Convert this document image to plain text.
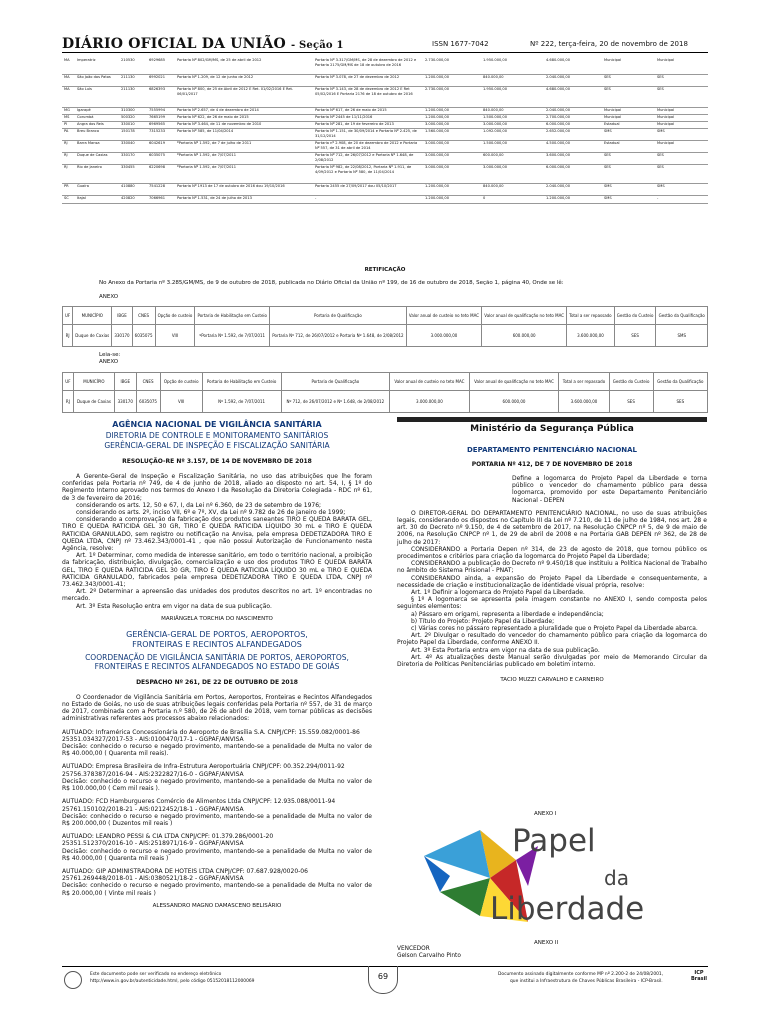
DIÁRIO OFICIAL DA UNIÃO - Seção 1	ISSN 1677-7042	Nº 222, terça-feira, 20 de novembro de 2018
MA	Imperatriz	210530	6929685	Portaria Nº 802/GM/MS, de 25 de abril de 2012	Portaria Nº 3.317/GM/MS, de 28 de dezembro de 2012 e Portaria 2175/GM/MS de 18 de outubro de 2016	2.730.000,00	1.950.000,00	4.680.000,00	Municipal	Municipal
MA	São João dos Patos	211130	6992021	Portaria Nº 1.209, de 12 de junho de 2012	Portaria Nº 3.078, de 27 de dezembro de 2012	1.200.000,00	840.000,00	2.040.000,00	SES	SES
MA	São Luís	211130	6826393	Portaria Nº 800, de 25 de Abril de 2012 E Ret. 01/02/2016 E Ret. 06/01/2017	Portaria Nº 3.143, de 28 de dezembro de 2012 E Ret 05/02/2016 E Portaria 2176 de 18 de outubro de 2016	2.730.000,00	1.950.000,00	4.680.000,00	SES	SES
MG	Igarapé	310300	7555994	Portaria Nº 2.657, de 4 de dezembro de 2014	Portaria Nº 617, de 26 de maio de 2015	1.200.000,00	840.000,00	2.040.000,00	Municipal	Municipal
MS	Corumbá	500320	7665199	Portaria Nº 622, de 26 de maio de 2015	Portaria Nº 2445 de 11/11/2016	1.200.000,00	1.500.000,00	2.700.000,00	Municipal	Municipal
PI	Angra dos Reis	330010	6969565	Portaria Nº 3.464, de 11 de novembro de 2010	Portaria Nº 281, de 19 de fevereiro de 2013	3.000.000,00	3.000.000,00	6.000.000,00	Estadual	Municipal
PA	Breu Branco	150178	7315233	Portaria Nº 585, de 11/04/2014	Portaria Nº 1.151, de 30/09/2014 e Portaria Nº 2.425, de 31/12/2014	1.560.000,00	1.092.000,00	2.652.000,00	SMS	SMS
RJ	Barra Mansa	330040	6042619	ºPortaria Nº 1.592, de 7 de julho de 2011	Portaria nº 2.908, de 20 de dezembro de 2012 e Portaria Nº 557, de 31 de abril de 2014	3.000.000,00	1.500.000,00	4.500.000,00	Estadual	Municipal
RJ	Duque de Caxias	330170	6035075	ºPortaria Nº 1.592, de 7/07/2011	Portaria Nº 712, de 26/07/2012 e Portaria Nº 1.648, de 2/08/2012	3.000.000,00	600.000,00	3.600.000,00	SES	SES
RJ	Rio de Janeiro	330455	6220698	ºPortaria Nº 1.592, de 7/07/2011	Portaria Nº 982, de 22/08/2012, Portaria Nº 1.911, de 4/09/2012 e Portaria Nº 580, de 11/04/2014	3.000.000,00	3.000.000,00	6.000.000,00	SES	SES
PR	Guaíra	410880	7541228	Portaria Nº 1913 de 17 de outubro de 2016 dou 19/10/2016	Portaria 2455 de 27/09/2017 dou 05/10/2017	1.200.000,00	840.000,00	2.040.000,00	SMS	SMS
SC	Itajaí	420820	7066961	Portaria Nº 1.531, de 24 de julho de 2013	-	1.200.000,00	0	1.200.000,00	SMS	-
RETIFICAÇÃO
No Anexo da Portaria nº 3.285/GM/MS, de 9 de outubro de 2018, publicada no Diário Oficial da União nº 199, de 16 de outubro de 2018, Seção 1, página 40, Onde se lê:
ANEXO
UF	MUNICÍPIO	IBGE	CNES	Opção de custeio	Portaria de Habilitação em Custeio	Portaria de Qualificação	Valor anual de custeio no teto MAC	Valor anual de qualificação no teto MAC	Total a ser repassado	Gestão do Custeio	Gestão da Qualificação
RJ	Duque de Caxias	330170	6035075	VIII	ºPortaria Nº 1.592, de 7/07/2011	Portaria Nº 712, de 26/07/2012 e Portaria Nº 1.648, de 2/08/2012	3.000.000,00	600.000,00	3.600.000,00	SES	SMS
Leia-se:
ANEXO
UF	MUNICÍPIO	IBGE	CNES	Opção de custeio	Portaria de Habilitação em Custeio	Portaria de Qualificação	Valor anual de custeio no teto MAC	Valor anual de qualificação no teto MAC	Total a ser repassado	Gestão do Custeio	Gestão da Qualificação
RJ	Duque de Caxias	330170	6035075	VIII	Nº 1.592, de 7/07/2011	Nº 712, de 26/07/2012 e Nº 1.648, de 2/08/2012	3.000.000,00	600.000,00	3.600.000,00	SES	SES
AGÊNCIA NACIONAL DE VIGILÂNCIA SANITÁRIA
DIRETORIA DE CONTROLE E MONITORAMENTO SANITÁRIOS
GERÊNCIA-GERAL DE INSPEÇÃO E FISCALIZAÇÃO SANITÁRIA
RESOLUÇÃO-RE Nº 3.157, DE 14 DE NOVEMBRO DE 2018
A Gerente-Geral de Inspeção e Fiscalização Sanitária, no uso das atribuições que lhe foram conferidas pela Portaria nº 749, de 4 de junho de 2018, aliado ao disposto no art. 54, I, § 1º do Regimento Interno aprovado nos termos do Anexo I da Resolução da Diretoria Colegiada - RDC nº 61, de 3 de fevereiro de 2016;
considerando os arts. 12, 50 e 67, I, da Lei nº 6.360, de 23 de setembro de 1976;
considerando os arts. 2º, inciso VII, 6º e 7º, XV, da Lei nº 9.782 de 26 de janeiro de 1999;
considerando a comprovação da fabricação dos produtos saneantes TIRO E QUEDA BARATA GEL, TIRO E QUEDA RATICIDA GEL 30 GR, TIRO E QUEDA RATICIDA LÍQUIDO 30 mL e TIRO E QUEDA RATICIDA GRANULADO, sem registro ou notificação na Anvisa, pela empresa DEDETIZADORA TIRO E QUEDA LTDA, CNPJ nº 73.462.343/0001-41 , que não possui Autorização de Funcionamento nesta Agência, resolve:
Art. 1º Determinar, como medida de interesse sanitário, em todo o território nacional, a proibição da fabricação, distribuição, divulgação, comercialização e uso dos produtos TIRO E QUEDA BARATA GEL, TIRO E QUEDA RATICIDA GEL 30 GR, TIRO E QUEDA RATICIDA LÍQUIDO 30 mL e TIRO E QUEDA RATICIDA GRANULADO, fabricados pela empresa DEDETIZADORA TIRO E QUEDA LTDA, CNPJ nº 73.462.343/0001-41;
Art. 2º Determinar a apreensão das unidades dos produtos descritos no art. 1º encontradas no mercado.
Art. 3º Esta Resolução entra em vigor na data de sua publicação.
MARIÂNGELA TORCHIA DO NASCIMENTO
GERÊNCIA-GERAL DE PORTOS, AEROPORTOS, FRONTEIRAS E RECINTOS ALFANDEGADOS
COORDENAÇÃO DE VIGILÂNCIA SANITÁRIA DE PORTOS, AEROPORTOS, FRONTEIRAS E RECINTOS ALFANDEGADOS NO ESTADO DE GOIÁS
DESPACHO Nº 261, DE 22 DE OUTUBRO DE 2018
O Coordenador de Vigilância Sanitária em Portos, Aeroportos, Fronteiras e Recintos Alfandegados no Estado de Goiás, no uso de suas atribuições legais conferidas pela Portaria nº 557, de 31 de março de 2017, combinada com a Portaria n.º 580, de 26 de abril de 2018, vem tornar públicas as decisões administrativas referentes aos processos abaixo relacionados:
AUTUADO: Inframérica Concessionária do Aeroporto de Brasília S.A. CNPJ/CPF: 15.559.082/0001-86
25351.034327/2017-53 - AIS:0100470/17-1 - GGPAF/ANVISA
Decisão: conhecido o recurso e negado provimento, mantendo-se a penalidade de Multa no valor de R$ 40.000,00 ( Quarenta mil reais).
AUTUADO: Empresa Brasileira de Infra-Estrutura Aeroportuária CNPJ/CPF: 00.352.294/0011-92
25756.378387/2016-94 - AIS:2322827/16-0 - GGPAF/ANVISA
Decisão: conhecido o recurso e negado provimento, mantendo-se a penalidade de Multa no valor de R$ 100.000,00 ( Cem mil reais ).
AUTUADO: FCD Hamburgueres Comércio de Alimentos Ltda CNPJ/CPF: 12.935.088/0011-94
25761.150102/2018-21 - AIS:0212452/18-1 - GGPAF/ANVISA
Decisão: conhecido o recurso e negado provimento, mantendo-se a penalidade de Multa no valor de R$ 200.000,00 ( Duzentos mil reais )
AUTUADO: LEANDRO PESSI & CIA LTDA CNPJ/CPF: 01.379.286/0001-20
25351.512370/2016-10 - AIS:2518971/16-9 - GGPAF/ANVISA
Decisão: conhecido o recurso e negado provimento, mantendo-se a penalidade de Multa no valor de R$ 40.000,00 ( Quarenta mil reais )
AUTUADO: GIP ADMINISTRADORA DE HOTEIS LTDA CNPJ/CPF: 07.687.928/0020-06
25761.269448/2018-01 - AIS:0380521/18-2 - GGPAF/ANVISA
Decisão: conhecido o recurso e negado provimento, mantendo-se a penalidade de Multa no valor de R$ 20.000,00 ( Vinte mil reais )
ALESSANDRO MAGNO DAMASCENO BELISÁRIO
Ministério da Segurança Pública
DEPARTAMENTO PENITENCIÁRIO NACIONAL
PORTARIA Nº 412, DE 7 DE NOVEMBRO DE 2018
Define a logomarca do Projeto Papel da Liberdade e torna público o vencedor do chamamento público para dessa logomarca, promovido por este Departamento Penitenciário Nacional - DEPEN
O DIRETOR-GERAL DO DEPARTAMENTO PENITENCIÁRIO NACIONAL, no uso de suas atribuições legais, considerando os dispostos no Capítulo III da Lei nº 7.210, de 11 de julho de 1984, nos art. 28 e art. 30 do Decreto nº 9.150, de 4 de setembro de 2017, na Resolução CNPCP nº 5, de 9 de maio de 2006, na Resolução CNPCP nº 1, de 29 de abril de 2008 e na Portaria GAB DEPEN nº 362, de 28 de julho de 2017:
CONSIDERANDO a Portaria Depen nº 314, de 23 de agosto de 2018, que tornou público os procedimentos e critérios para criação da logomarca do Projeto Papel da Liberdade;
CONSIDERANDO a publicação do Decreto nº 9.450/18 que instituiu a Política Nacional de Trabalho no âmbito do Sistema Prisional - PNAT;
CONSIDERANDO ainda, a expansão do Projeto Papel da Liberdade e consequentemente, a necessidade de criação e institucionalização de identidade visual própria, resolve:
Art. 1º Definir a logomarca do Projeto Papel da Liberdade.
§ 1º A logomarca se apresenta pela imagem constante no ANEXO I, sendo composta pelos seguintes elementos:
a) Pássaro em origami, representa a liberdade e independência;
b) Título do Projeto: Projeto Papel da Liberdade;
c) Várias cores no pássaro representado a pluralidade que o Projeto Papel da Liberdade abarca.
Art. 2º Divulgar o resultado do vencedor do chamamento público para criação da logomarca do Projeto Papel da Liberdade, conforme ANEXO II.
Art. 3º Esta Portaria entra em vigor na data de sua publicação.
Art. 4º As atualizações deste Manual serão divulgadas por meio de Memorando Circular da Diretoria de Políticas Penitenciárias publicado em boletim interno.
TACIO MUZZI CARVALHO E CARNEIRO
ANEXO I
Papel
da
Liberdade
ANEXO II
VENCEDOR
Gelson Carvalho Pinto
Este documento pode ser verificado no endereço eletrônico
http://www.in.gov.br/autenticidade.html, pelo código 05152018112000069
69	Documento assinado digitalmente conforme MP nº 2.200-2 de 24/08/2001,
que institui a Infraestrutura de Chaves Públicas Brasileira - ICP-Brasil.
ICP Brasil
